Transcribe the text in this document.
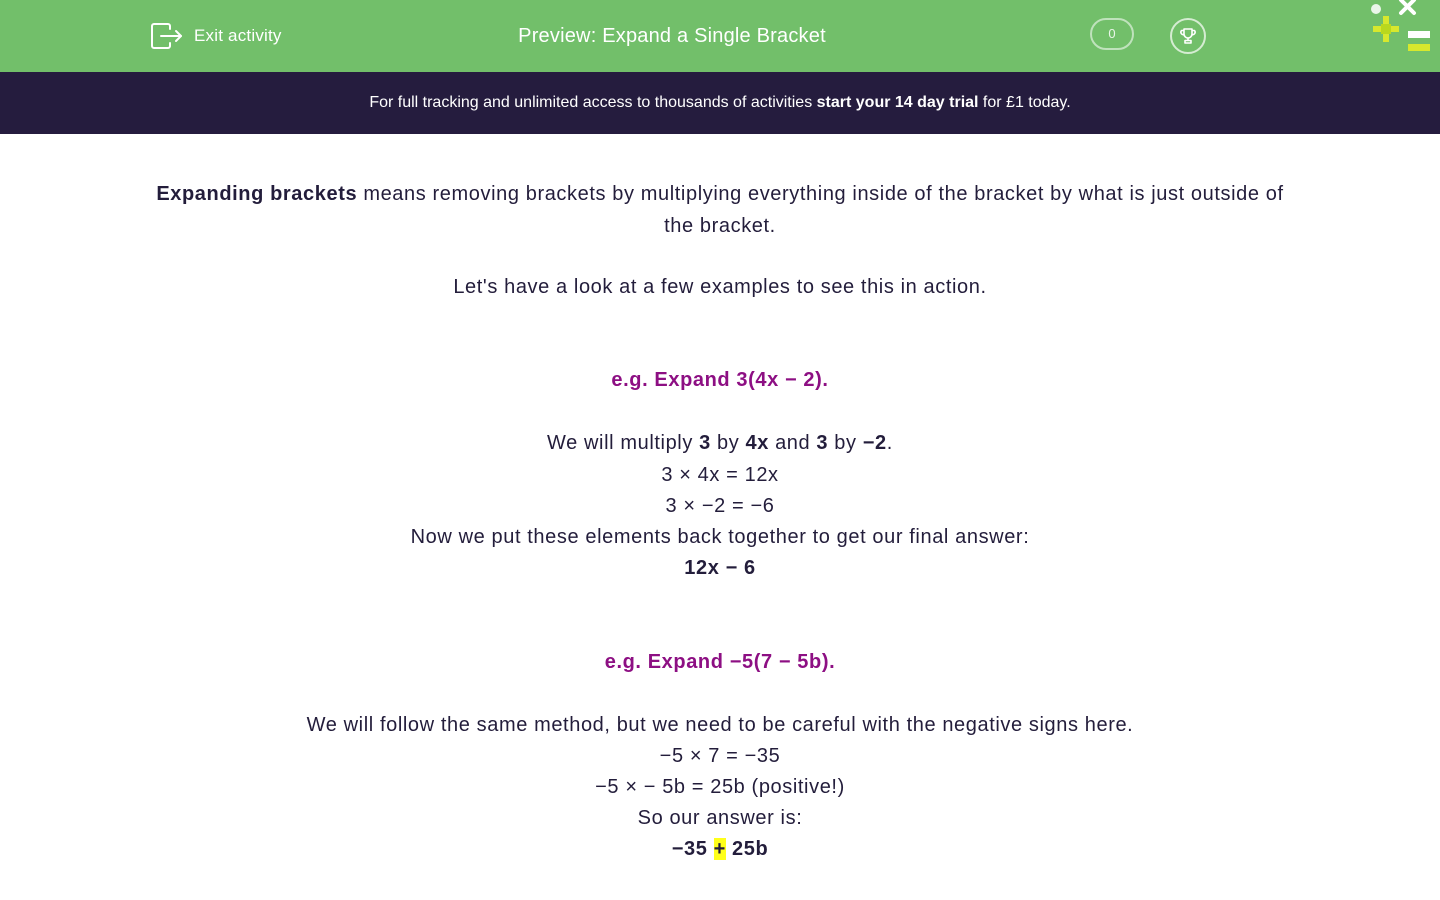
Exit activity	Preview: Expand a Single Bracket	0
For full tracking and unlimited access to thousands of activities start your 14 day trial for £1 today.
Expanding brackets means removing brackets by multiplying everything inside of the bracket by what is just outside of the bracket.
Let's have a look at a few examples to see this in action.
e.g. Expand 3(4x − 2).
We will multiply 3 by 4x and 3 by −2.
3 × 4x = 12x
3 × −2 = −6
Now we put these elements back together to get our final answer:
12x − 6
e.g. Expand −5(7 − 5b).
We will follow the same method, but we need to be careful with the negative signs here.
−5 × 7 = −35
−5 × − 5b = 25b (positive!)
So our answer is:
−35 + 25b
